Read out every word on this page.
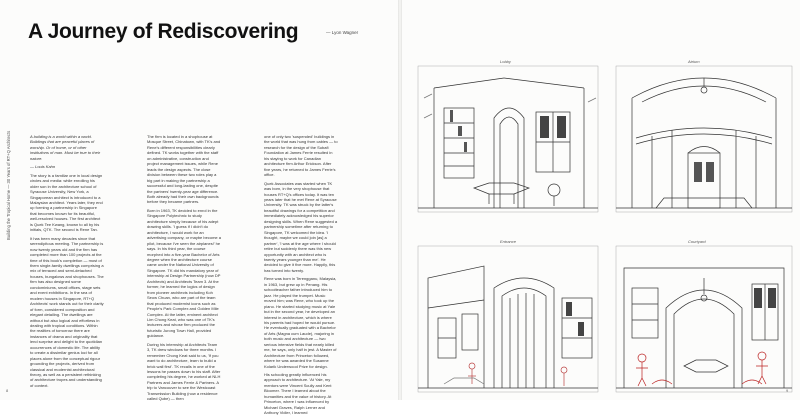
A Journey of Rediscovering	— Lyon Wagner
Building the Tropical Home — 30 Years of RT+Q Architects	A building is a world within a world. Buildings that are peaceful places of worship. Or of home, or of other institutions of man. Must be true to their nature.

— Louis Kahn

The story is a familiar one in local design circles and media: while enrolling his older son in the architecture school of Syracuse University, New York, a Singaporean architect is introduced to a Malaysian architect. Years later, they end up forming a partnership in Singapore that becomes known for its beautiful, well-resolved houses. The first architect is Quek Tee Kwang, known to all by his initials, QTK. The second is Rene Tan.

It has been many decades since that serendipitous meeting. The partnership is now twenty years old and the firm has completed more than 100 projects at the time of this book's completion — most of them single-family dwellings comprising a mix of terraced and semi-detached houses, bungalows and shophouses. The firm has also designed some condominiums, small offices, stage sets and event exhibitions. In the sea of modern houses in Singapore, RT+Q Architects' work stands out for their clarity of form, considered composition and elegant detailing. The dwellings are without but also logical and effortless in dealing with tropical conditions. Within the realities of tomorrow there are instances of drama and originality that lend surprise and delight to the quotidian occurrences of domestic life. The ability to create a dissimilar genius loci for all places alone from the conceptual rigour grounding the projects, derived from classical and modernist architectural theory, as well as a persistent rethinking of architecture tropes and understanding of context.

The firm is located in a shophouse at Mosque Street, Chinatown, with TK's and Rene's different responsibilities clearly defined. TK works together with the staff on administrative, construction and project management issues, while Rene leads the design aspects. The close division between these two roles play a big part in making the partnership a successful and long-lasting one, despite the partners' twenty-year age difference. Both already had their own backgrounds before they became partners.

Born in 1963, TK decided to enrol in the Singapore Polytechnic to study architecture simply because of his adept drawing skills. 'I guess if I didn't do architecture, I would work for an advertising company, or maybe become a pilot, because I've seen the airplanes!' he says. In his third year, the course morphed into a five-year Bachelor of Arts degree when the architecture course came under the National University of Singapore. TK did his mandatory year of internship at Design Partnership (now DP Architects) and Architects Team 3. At the former, he learned the logics of design from pioneer architects including Koh Seow Chuan, who are part of the team that produced modernist icons such as People's Park Complex and Golden Mile Complex. At the latter, eminent architect Lim Chong Keat, who was one of TK's lecturers and whose firm produced the futuristic Jurong Town Hall, provided guidance.

During his internship at Architects Team 3, TK drew windows for three months. I remember Chong Keat said to us, 'If you want to do architecture, learn to build a brick wall first'. TK recalls in one of the lessons he passes down to his staff. After completing his degree, he worked at NLH Partners and James Ferrie & Partners. A trip to Vancouver to see the Westcoast Transmission Building (now a residence called Qube) — then

one of only two 'suspended' buildings in the world that was hung from cables — to research for the design of the Subafi Foundation at James Ferrie resulted in his staying to work for Canadian architecture firm Arthur Erickson. After five years, he returned to James Ferrie's office.

Quek Associates was started when TK was born, in the very shophouse that houses RT+Q's offices today. It was ten years later that he met Rene at Syracuse University. TK was struck by the latter's beautiful drawings for a competition and immediately acknowledged his superior designing skills. When Rene suggested a partnership sometime after returning to Singapore, TK welcomed the idea. 'I thought, maybe we could join [as] a partner', 'I was at the age where I should retire but suddenly there was this new opportunity with an architect who is twenty years younger than me'. He decided to give it five more. Happily, this has turned into twenty.

Rene was born in Terengganu, Malaysia, in 1963, but grew up in Penang. His schoolteacher father introduced him to jazz. He played the trumpet. Music moved him; was Rene, who took up the piano. He started studying music at Yale but in the second year, he developed an interest in architecture, which is where his parents had hoped he would pursue. He eventually graduated with a Bachelor of Arts (Magna cum Laude), majoring in both music and architecture — two serious intensive fields that nearly killed me, he says, only half in jest. A Master of Architecture from Princeton followed, where he was awarded the Susanne Kolarik Underwood Prize for design.

His schooling greatly influenced his approach to architecture. 'At Yale, my mentors were Vincent Scully and Kent Bloomer. There I learned about the humanities and the value of history. At Princeton, where I was influenced by Michael Graves, Ralph Lerner and Anthony Vidler, I learned

Lobby	Atrium
Entrance	Courtyard
8	9
